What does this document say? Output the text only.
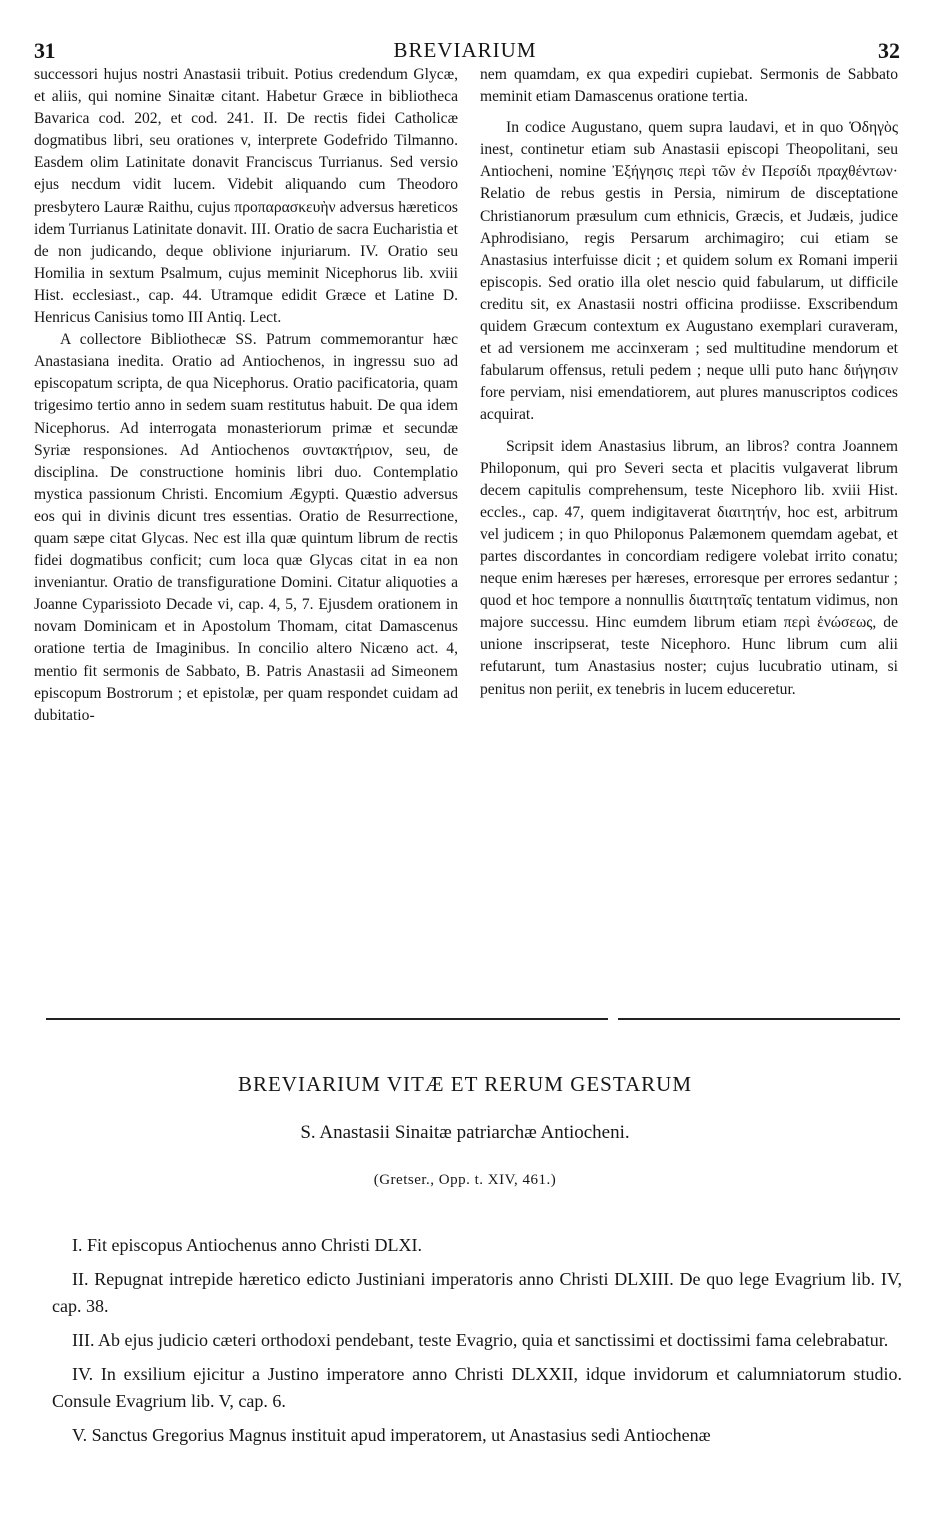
31	BREVIARIUM	32

successori hujus nostri Anastasii tribuit. Potius credendum Glycæ, et aliis, qui nomine Sinaitæ citant. Habetur Græce in bibliotheca Bavarica cod. 202, et cod. 241. II. De rectis fidei Catholicæ dogmatibus libri, seu orationes v, interprete Godefrido Tilmanno. Easdem olim Latinitate donavit Franciscus Turrianus. Sed versio ejus necdum vidit lucem. Videbit aliquando cum Theodoro presbytero Lauræ Raithu, cujus προπαρασκευὴν adversus hæreticos idem Turrianus Latinitate donavit. III. Oratio de sacra Eucharistia et de non judicando, deque oblivione injuriarum. IV. Oratio seu Homilia in sextum Psalmum, cujus meminit Nicephorus lib. xviii Hist. ecclesiast., cap. 44. Utramque edidit Græce et Latine D. Henricus Canisius tomo III Antiq. Lect.

A collectore Bibliothecæ SS. Patrum commemorantur hæc Anastasiana inedita. Oratio ad Antiochenos, in ingressu suo ad episcopatum scripta, de qua Nicephorus. Oratio pacificatoria, quam trigesimo tertio anno in sedem suam restitutus habuit. De qua idem Nicephorus. Ad interrogata monasteriorum primæ et secundæ Syriæ responsiones. Ad Antiochenos συντακτήριον, seu, de disciplina. De constructione hominis libri duo. Contemplatio mystica passionum Christi. Encomium Ægypti. Quæstio adversus eos qui in divinis dicunt tres essentias. Oratio de Resurrectione, quam sæpe citat Glycas. Nec est illa quæ quintum librum de rectis fidei dogmatibus conficit; cum loca quæ Glycas citat in ea non inveniantur. Oratio de transfiguratione Domini. Citatur aliquoties a Joanne Cyparissioto Decade vi, cap. 4, 5, 7. Ejusdem orationem in novam Dominicam et in Apostolum Thomam, citat Damascenus oratione tertia de Imaginibus. In concilio altero Nicæno act. 4, mentio fit sermonis de Sabbato, B. Patris Anastasii ad Simeonem episcopum Bostrorum ; et epistolæ, per quam respondet cuidam ad dubitatio-

nem quamdam, ex qua expediri cupiebat. Sermonis de Sabbato meminit etiam Damascenus oratione tertia.

In codice Augustano, quem supra laudavi, et in quo Ὁδηγὸς inest, continetur etiam sub Anastasii episcopi Theopolitani, seu Antiocheni, nomine Ἐξήγησις περὶ τῶν ἐν Περσίδι πραχθέντων· Relatio de rebus gestis in Persia, nimirum de disceptatione Christianorum præsulum cum ethnicis, Græcis, et Judæis, judice Aphrodisiano, regis Persarum archimagiro; cui etiam se Anastasius interfuisse dicit ; et quidem solum ex Romani imperii episcopis. Sed oratio illa olet nescio quid fabularum, ut difficile creditu sit, ex Anastasii nostri officina prodiisse. Exscribendum quidem Græcum contextum ex Augustano exemplari curaveram, et ad versionem me accinxeram ; sed multitudine mendorum et fabularum offensus, retuli pedem ; neque ulli puto hanc διήγησιν fore perviam, nisi emendatiorem, aut plures manuscriptos codices acquirat.

Scripsit idem Anastasius librum, an libros? contra Joannem Philoponum, qui pro Severi secta et placitis vulgaverat librum decem capitulis comprehensum, teste Nicephoro lib. xviii Hist. eccles., cap. 47, quem indigitaverat διαιτητήν, hoc est, arbitrum vel judicem ; in quo Philoponus Palæmonem quemdam agebat, et partes discordantes in concordiam redigere volebat irrito conatu; neque enim hæreses per hæreses, erroresque per errores sedantur ; quod et hoc tempore a nonnullis διαιτηταῖς tentatum vidimus, non majore successu. Hinc eumdem librum etiam περὶ ἑνώσεως, de unione inscripserat, teste Nicephoro. Hunc librum cum alii refutarunt, tum Anastasius noster; cujus lucubratio utinam, si penitus non periit, ex tenebris in lucem educeretur.

BREVIARIUM VITÆ ET RERUM GESTARUM
S. Anastasii Sinaitæ patriarchæ Antiocheni.
(Gretser., Opp. t. XIV, 461.)

I. Fit episcopus Antiochenus anno Christi DLXI.

II. Repugnat intrepide hæretico edicto Justiniani imperatoris anno Christi DLXIII. De quo lege Evagrium lib. IV, cap. 38.

III. Ab ejus judicio cæteri orthodoxi pendebant, teste Evagrio, quia et sanctissimi et doctissimi fama celebrabatur.

IV. In exsilium ejicitur a Justino imperatore anno Christi DLXXII, idque invidorum et calumniatorum studio. Consule Evagrium lib. V, cap. 6.

V. Sanctus Gregorius Magnus instituit apud imperatorem, ut Anastasius sedi Antiochenæ
